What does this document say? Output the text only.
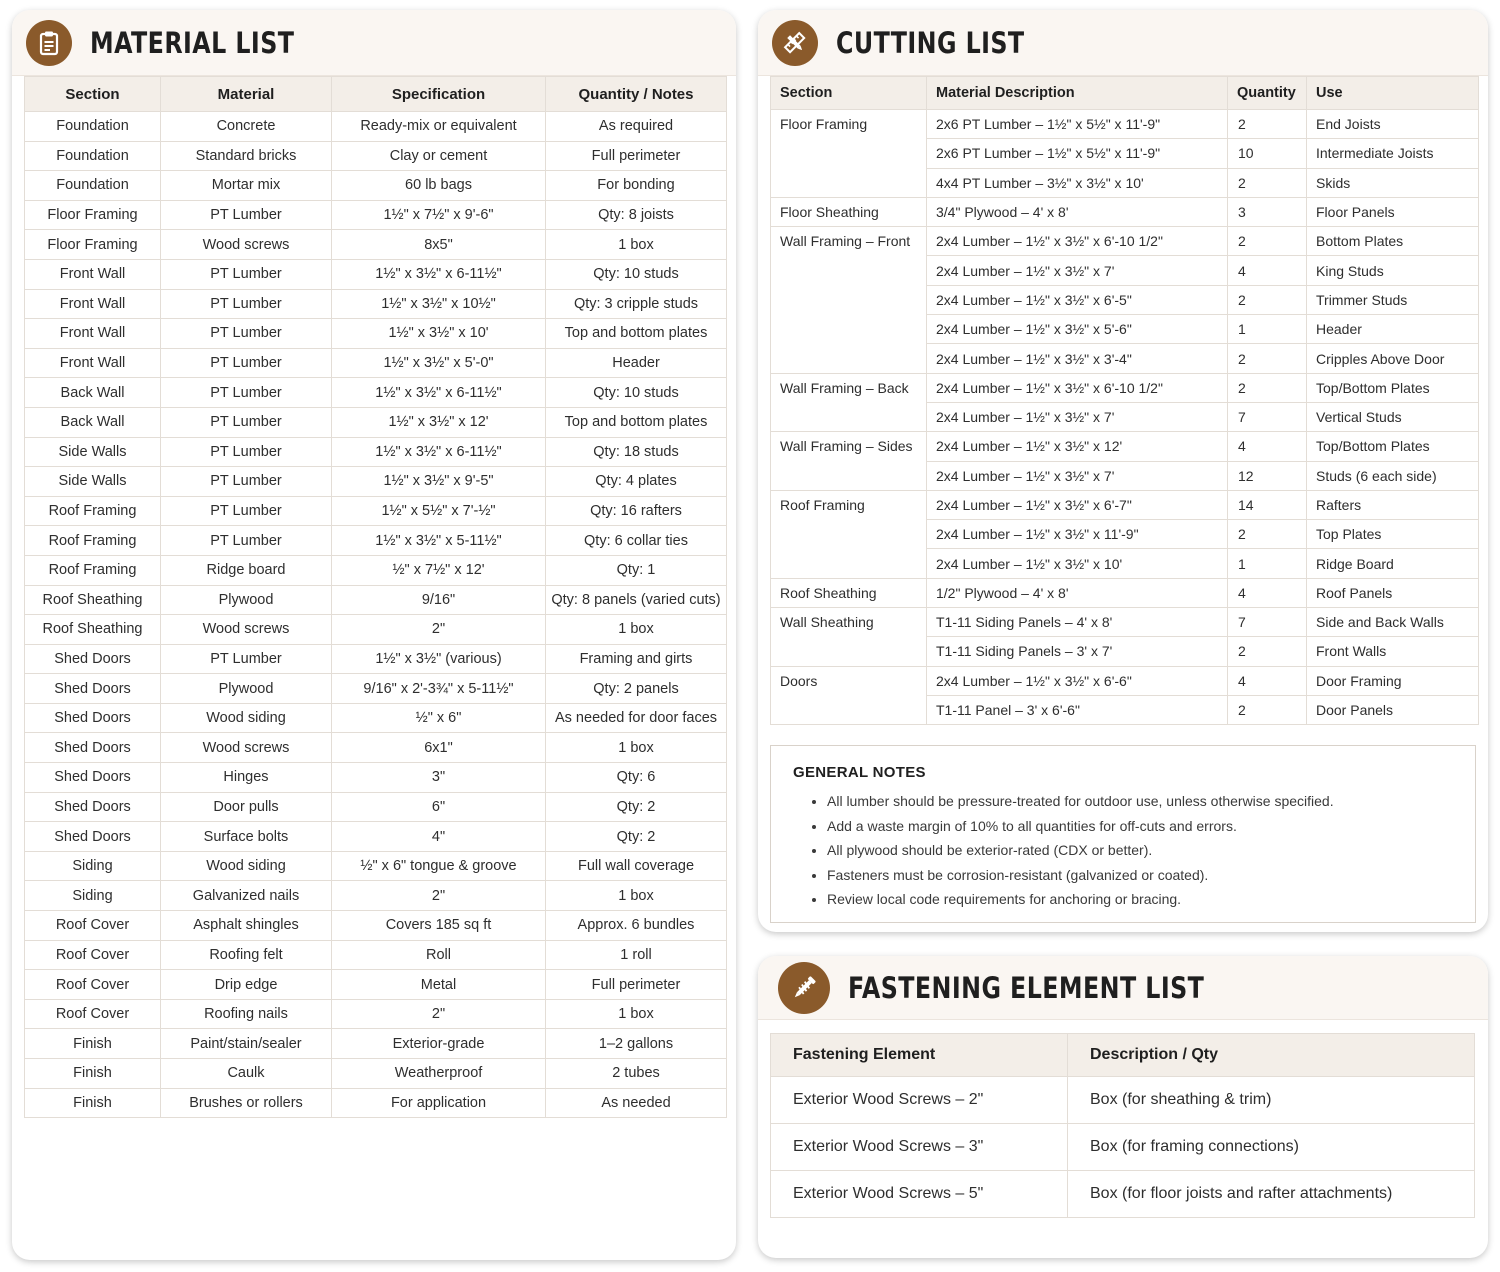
MATERIAL LIST
Section	Material	Specification	Quantity / Notes
Foundation	Concrete	Ready-mix or equivalent	As required
Foundation	Standard bricks	Clay or cement	Full perimeter
Foundation	Mortar mix	60 lb bags	For bonding
Floor Framing	PT Lumber	1½" x 7½" x 9'-6"	Qty: 8 joists
Floor Framing	Wood screws	8x5"	1 box
Front Wall	PT Lumber	1½" x 3½" x 6-11½"	Qty: 10 studs
Front Wall	PT Lumber	1½" x 3½" x 10½"	Qty: 3 cripple studs
Front Wall	PT Lumber	1½" x 3½" x 10'	Top and bottom plates
Front Wall	PT Lumber	1½" x 3½" x 5'-0"	Header
Back Wall	PT Lumber	1½" x 3½" x 6-11½"	Qty: 10 studs
Back Wall	PT Lumber	1½" x 3½" x 12'	Top and bottom plates
Side Walls	PT Lumber	1½" x 3½" x 6-11½"	Qty: 18 studs
Side Walls	PT Lumber	1½" x 3½" x 9'-5"	Qty: 4 plates
Roof Framing	PT Lumber	1½" x 5½" x 7'-½"	Qty: 16 rafters
Roof Framing	PT Lumber	1½" x 3½" x 5-11½"	Qty: 6 collar ties
Roof Framing	Ridge board	½" x 7½" x 12'	Qty: 1
Roof Sheathing	Plywood	9/16"	Qty: 8 panels (varied cuts)
Roof Sheathing	Wood screws	2"	1 box
Shed Doors	PT Lumber	1½" x 3½" (various)	Framing and girts
Shed Doors	Plywood	9/16" x 2'-3¾" x 5-11½"	Qty: 2 panels
Shed Doors	Wood siding	½" x 6"	As needed for door faces
Shed Doors	Wood screws	6x1"	1 box
Shed Doors	Hinges	3"	Qty: 6
Shed Doors	Door pulls	6"	Qty: 2
Shed Doors	Surface bolts	4"	Qty: 2
Siding	Wood siding	½" x 6" tongue & groove	Full wall coverage
Siding	Galvanized nails	2"	1 box
Roof Cover	Asphalt shingles	Covers 185 sq ft	Approx. 6 bundles
Roof Cover	Roofing felt	Roll	1 roll
Roof Cover	Drip edge	Metal	Full perimeter
Roof Cover	Roofing nails	2"	1 box
Finish	Paint/stain/sealer	Exterior-grade	1–2 gallons
Finish	Caulk	Weatherproof	2 tubes
Finish	Brushes or rollers	For application	As needed
CUTTING LIST
Section	Material Description	Quantity	Use
Floor Framing	2x6 PT Lumber – 1½" x 5½" x 11'-9"	2	End Joists
	2x6 PT Lumber – 1½" x 5½" x 11'-9"	10	Intermediate Joists
	4x4 PT Lumber – 3½" x 3½" x 10'	2	Skids
Floor Sheathing	3/4" Plywood – 4' x 8'	3	Floor Panels
Wall Framing – Front	2x4 Lumber – 1½" x 3½" x 6'-10 1/2"	2	Bottom Plates
	2x4 Lumber – 1½" x 3½" x 7'	4	King Studs
	2x4 Lumber – 1½" x 3½" x 6'-5"	2	Trimmer Studs
	2x4 Lumber – 1½" x 3½" x 5'-6"	1	Header
	2x4 Lumber – 1½" x 3½" x 3'-4"	2	Cripples Above Door
Wall Framing – Back	2x4 Lumber – 1½" x 3½" x 6'-10 1/2"	2	Top/Bottom Plates
	2x4 Lumber – 1½" x 3½" x 7'	7	Vertical Studs
Wall Framing – Sides	2x4 Lumber – 1½" x 3½" x 12'	4	Top/Bottom Plates
	2x4 Lumber – 1½" x 3½" x 7'	12	Studs (6 each side)
Roof Framing	2x4 Lumber – 1½" x 3½" x 6'-7"	14	Rafters
	2x4 Lumber – 1½" x 3½" x 11'-9"	2	Top Plates
	2x4 Lumber – 1½" x 3½" x 10'	1	Ridge Board
Roof Sheathing	1/2" Plywood – 4' x 8'	4	Roof Panels
Wall Sheathing	T1-11 Siding Panels – 4' x 8'	7	Side and Back Walls
	T1-11 Siding Panels – 3' x 7'	2	Front Walls
Doors	2x4 Lumber – 1½" x 3½" x 6'-6"	4	Door Framing
	T1-11 Panel – 3' x 6'-6"	2	Door Panels
GENERAL NOTES
• All lumber should be pressure-treated for outdoor use, unless otherwise specified.
• Add a waste margin of 10% to all quantities for off-cuts and errors.
• All plywood should be exterior-rated (CDX or better).
• Fasteners must be corrosion-resistant (galvanized or coated).
• Review local code requirements for anchoring or bracing.
FASTENING ELEMENT LIST
Fastening Element	Description / Qty
Exterior Wood Screws – 2"	Box (for sheathing & trim)
Exterior Wood Screws – 3"	Box (for framing connections)
Exterior Wood Screws – 5"	Box (for floor joists and rafter attachments)
